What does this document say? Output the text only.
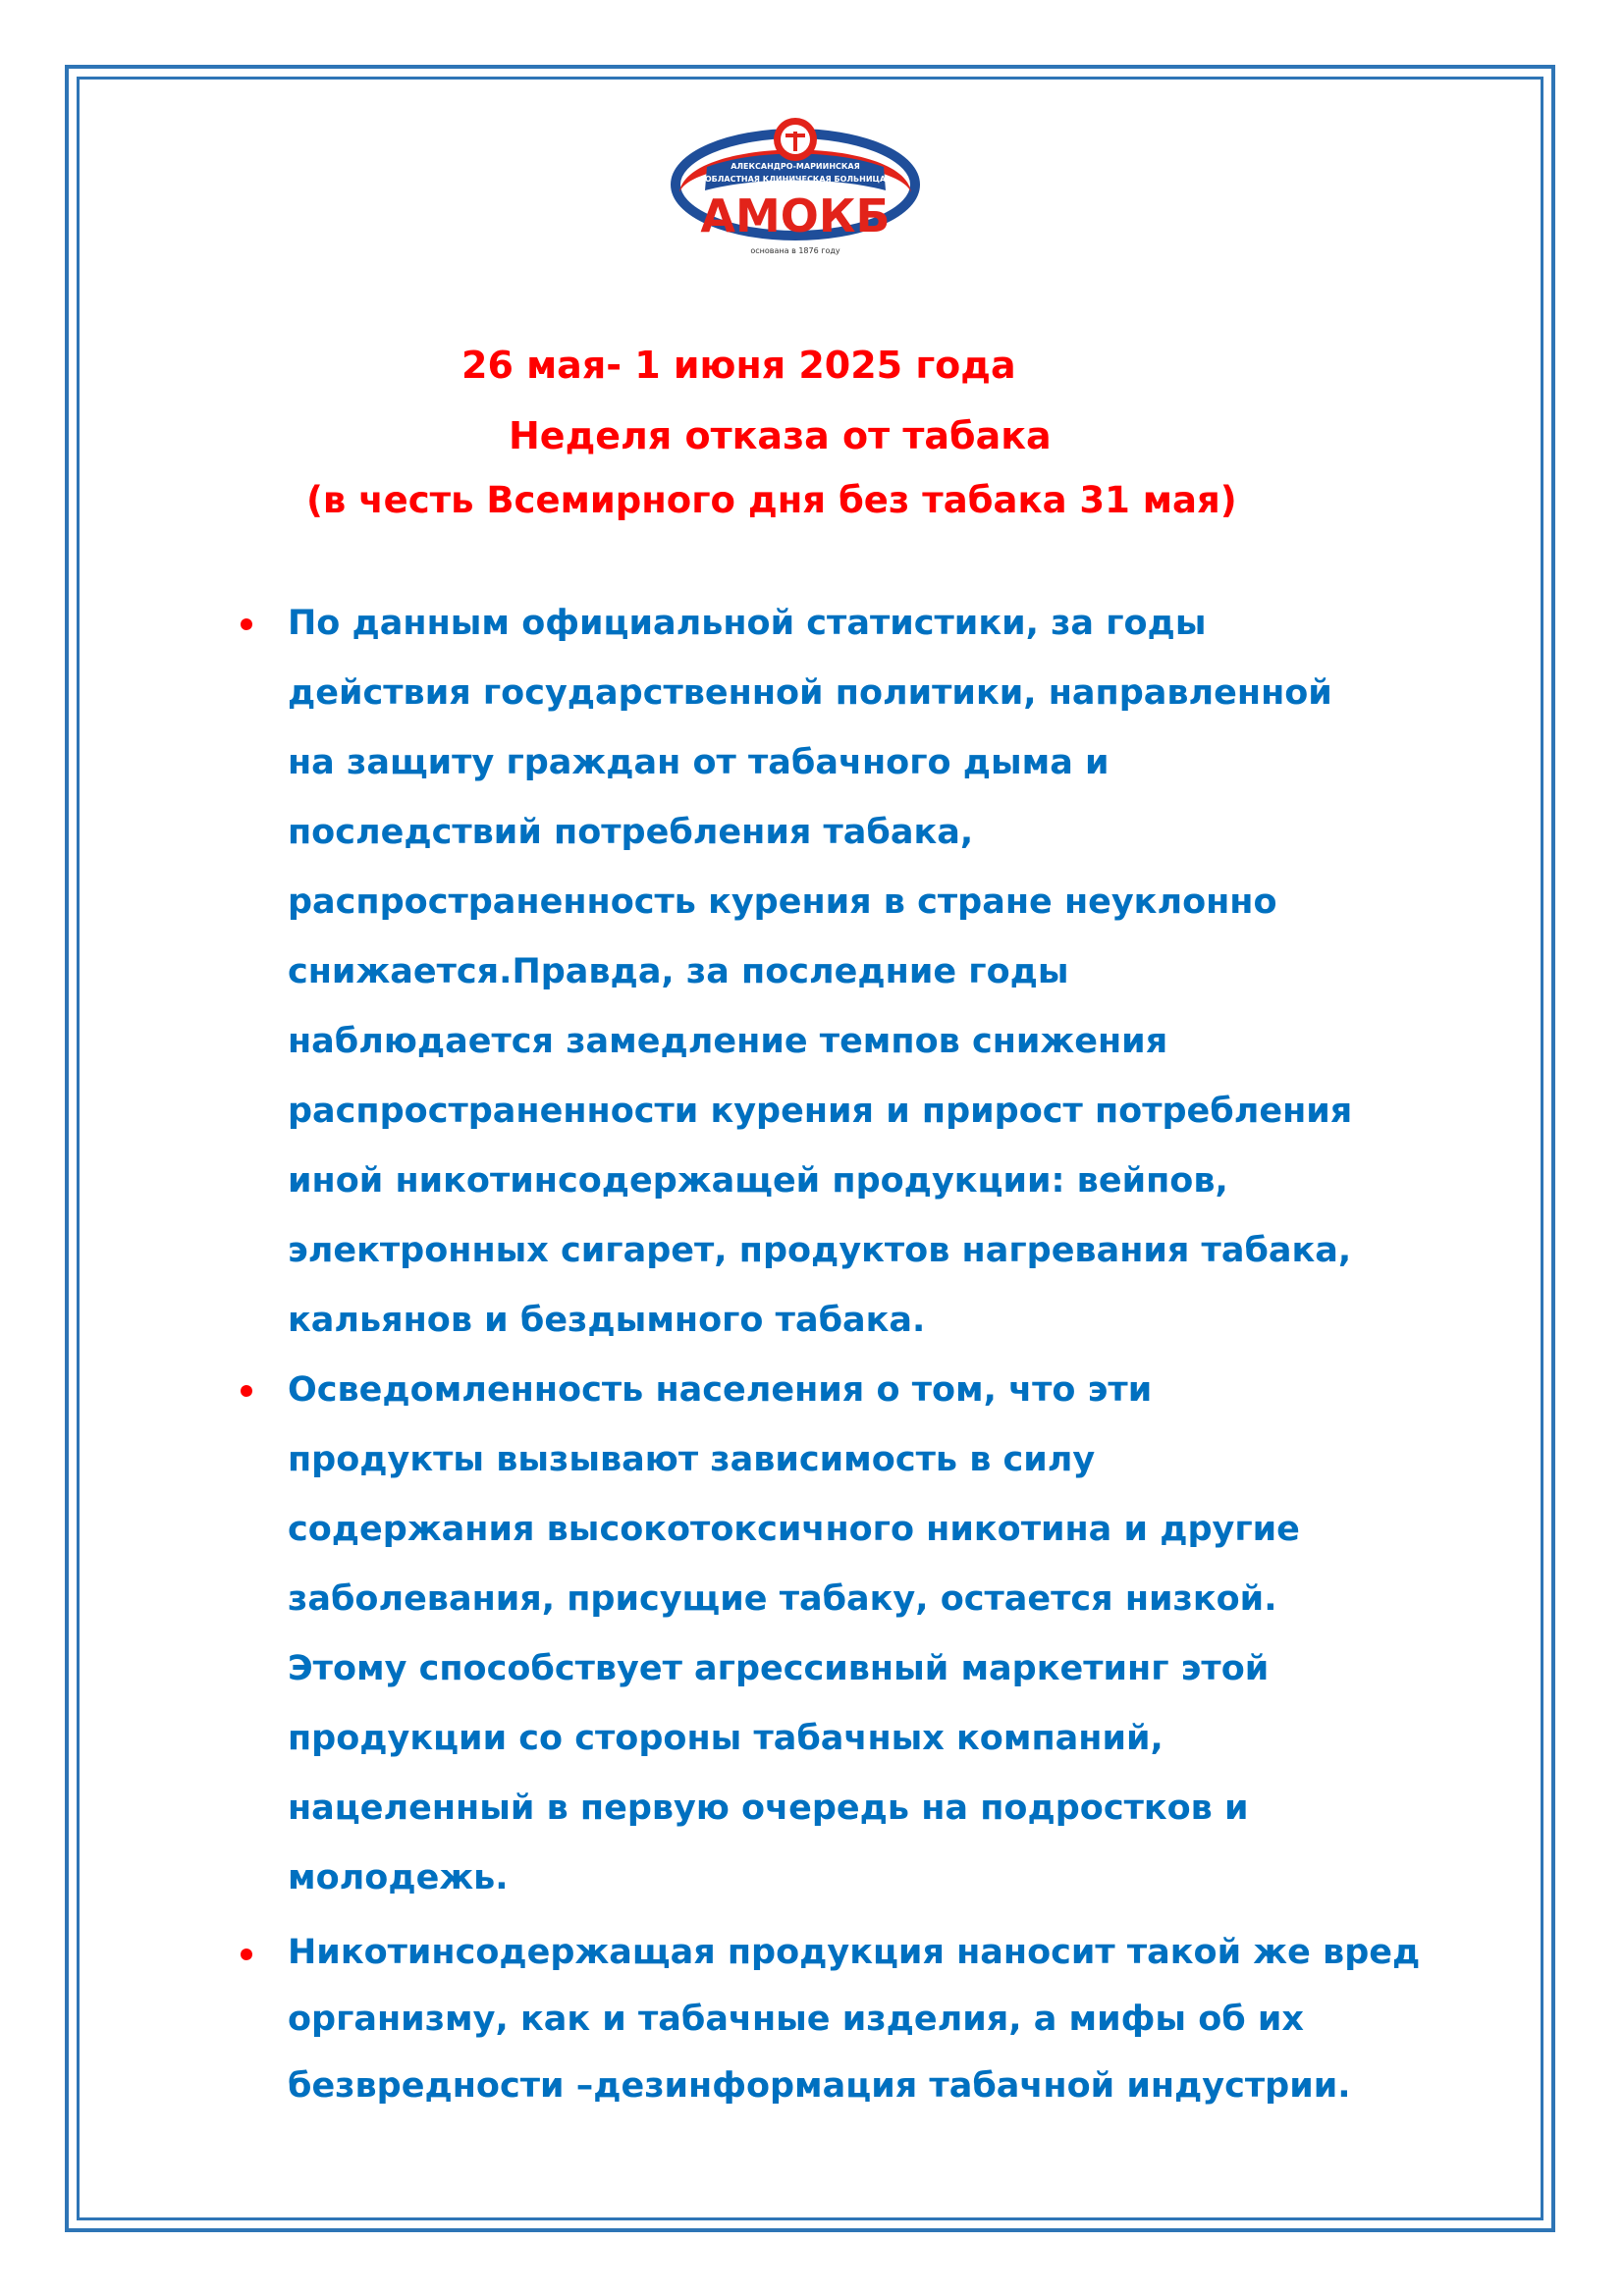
АЛЕКСАНДРО-МАРИИНСКАЯ
ОБЛАСТНАЯ КЛИНИЧЕСКАЯ БОЛЬНИЦА
АМОКБ
основана в 1876 году
26 мая- 1 июня 2025 года
Неделя отказа от табака
(в честь Всемирного дня без табака 31 мая)
По данным официальной статистики, за годы
действия государственной политики, направленной
на защиту граждан от табачного дыма и
последствий потребления табака,
распространенность курения в стране неуклонно
снижается.Правда, за последние годы
наблюдается замедление темпов снижения
распространенности курения и прирост потребления
иной никотинсодержащей продукции: вейпов,
электронных сигарет, продуктов нагревания табака,
кальянов и бездымного табака.
Осведомленность населения о том, что эти
продукты вызывают зависимость в силу
содержания высокотоксичного никотина и другие
заболевания, присущие табаку, остается низкой.
Этому способствует агрессивный маркетинг этой
продукции со стороны табачных компаний,
нацеленный в первую очередь на подростков и
молодежь.
Никотинсодержащая продукция наносит такой же вред
организму, как и табачные изделия, а мифы об их
безвредности –дезинформация табачной индустрии.
